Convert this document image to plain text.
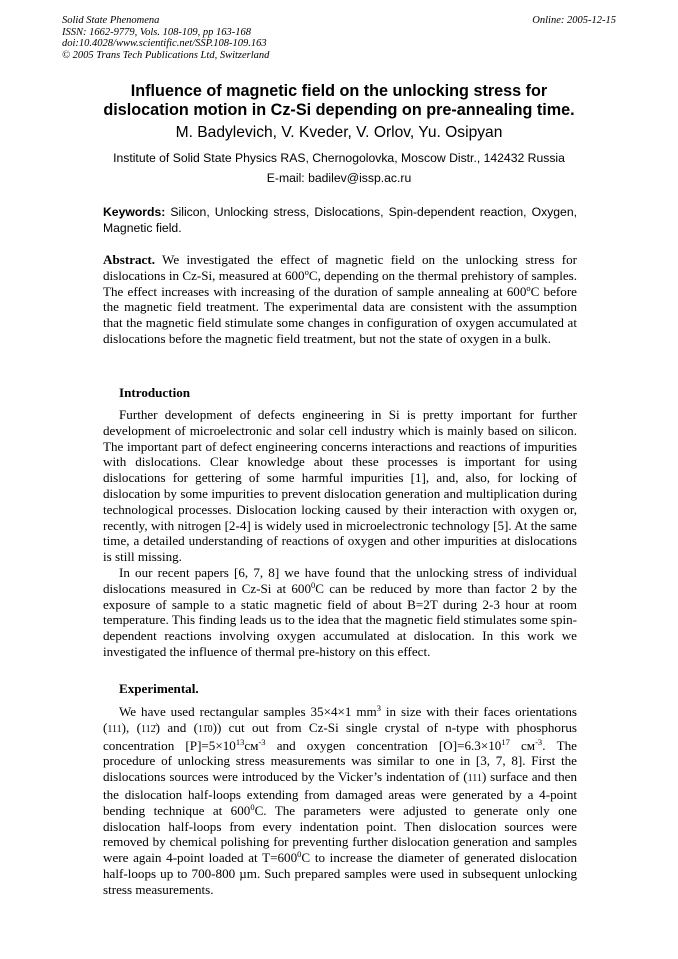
Solid State Phenomena
ISSN: 1662-9779, Vols. 108-109, pp 163-168
doi:10.4028/www.scientific.net/SSP.108-109.163
© 2005 Trans Tech Publications Ltd, Switzerland
Online: 2005-12-15
Influence of magnetic field on the unlocking stress for
dislocation motion in Cz-Si depending on pre-annealing time.
M. Badylevich, V. Kveder, V. Orlov, Yu. Osipyan
Institute of Solid State Physics RAS, Chernogolovka, Moscow Distr., 142432 Russia
E-mail: badilev@issp.ac.ru
Keywords: Silicon, Unlocking stress, Dislocations, Spin-dependent reaction, Oxygen, Magnetic field.
Abstract. We investigated the effect of magnetic field on the unlocking stress for dislocations in Cz-Si, measured at 600$^o$C, depending on the thermal prehistory of samples. The effect increases with increasing of the duration of sample annealing at 600$^o$C before the magnetic field treatment. The experimental data are consistent with the assumption that the magnetic field stimulate some changes in configuration of oxygen accumulated at dislocations before the magnetic field treatment, but not the state of oxygen in a bulk.
Introduction

Further development of defects engineering in Si is pretty important for further development of microelectronic and solar cell industry which is mainly based on silicon. The important part of defect engineering concerns interactions and reactions of impurities with dislocations. Clear knowledge about these processes is important for using dislocations for gettering of some harmful impurities [1], and, also, for locking of dislocation by some impurities to prevent dislocation generation and multiplication during technological processes. Dislocation locking caused by their interaction with oxygen or, recently, with nitrogen [2-4] is widely used in microelectronic technology [5]. At the same time, a detailed understanding of reactions of oxygen and other impurities at dislocations is still missing.

In our recent papers [6, 7, 8] we have found that the unlocking stress of individual dislocations measured in Cz-Si at $600^0C$ can be reduced by more than factor 2 by the exposure of sample to a static magnetic field of about B=2T during 2-3 hour at room temperature. This finding leads us to the idea that the magnetic field stimulates some spin-dependent reactions involving oxygen accumulated at dislocation. In this work we investigated the influence of thermal pre-history on this effect.

Experimental.

We have used rectangular samples 35×4×1 $mm^3$ in size with their faces orientations (111), (112̄) and (11̄0)) cut out from Cz-Si single crystal of n-type with phosphorus concentration $[P]=5\times 10^{13}см^{-3}$ and oxygen concentration $[O]=6.3\times 10^{17}$ $см^{-3}$. The procedure of unlocking stress measurements was similar to one in [3, 7, 8]. First the dislocations sources were introduced by the Vicker’s indentation of (111) surface and then the dislocation half-loops extending from damaged areas were generated by a 4-point bending technique at $600^0C$. The parameters were adjusted to generate only one dislocation half-loops from every indentation point. Then dislocation sources were removed by chemical polishing for preventing further dislocation generation and samples were again 4-point loaded at $T=600^0C$ to increase the diameter of generated dislocation half-loops up to 700-800 µm. Such prepared samples were used in subsequent unlocking stress measurements.
